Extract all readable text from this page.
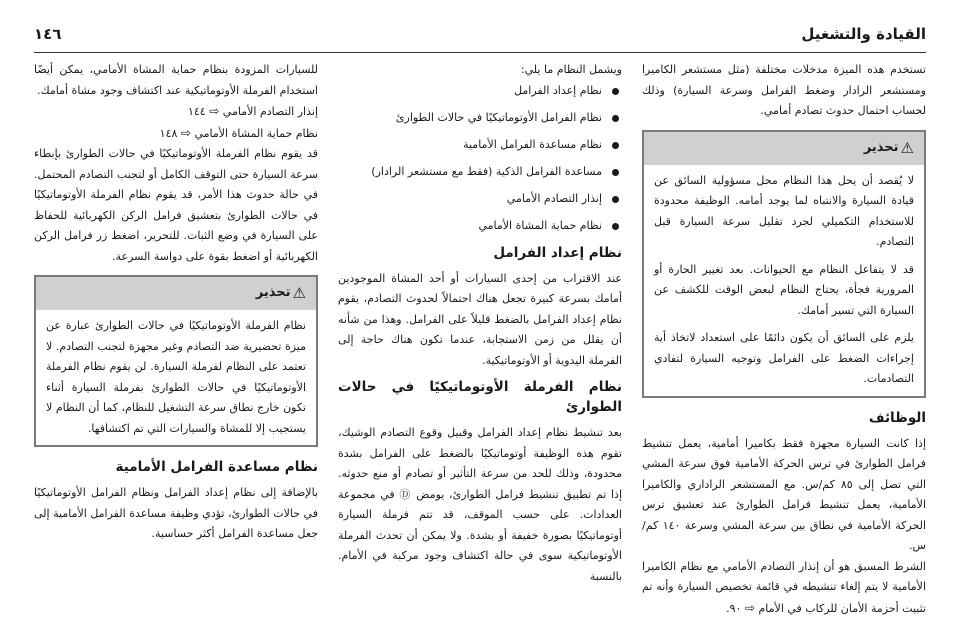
القيادة والتشغيل
١٤٦

تستخدم هذه الميزة مدخلات مختلفة (مثل مستشعر الكاميرا ومستشعر الرادار وضغط الفرامل وسرعة السيارة) وذلك لحساب احتمال حدوث تصادم أمامي.

⚠
تحذير

لا يُقصد أن يحل هذا النظام محل مسؤولية السائق عن قيادة السيارة والانتباه لما يوجد أمامه. الوظيفة محدودة للاستخدام التكميلي لجرد تقليل سرعة السيارة قبل التصادم.

قد لا يتفاعل النظام مع الحيوانات. بعد تغيير الحارة أو المرورية فجأة، يحتاج النظام لبعض الوقت للكشف عن السيارة التي تسير أمامك.

يلزم على السائق أن يكون دائمًا على استعداد لاتخاذ أية إجراءات الضغط على الفرامل وتوجيه السيارة لتفادي التصادمات.

الوظائف

إذا كانت السيارة مجهزة فقط بكاميرا أمامية، يعمل تنشيط فرامل الطوارئ في ترس الحركة الأمامية فوق سرعة المشي التي تصل إلى ٨٥ كم/س. مع المستشعر الراداري والكاميرا الأمامية، يعمل تنشيط فرامل الطوارئ عند تعشيق ترس الحركة الأمامية في نطاق بين سرعة المشي وسرعة ١٤٠ كم/س.

الشرط المسبق هو أن إنذار التصادم الأمامي مع نظام الكاميرا الأمامية لا يتم إلغاء تنشيطه في قائمة تخصيص السيارة وأنه تم تثبيت أحزمة الأمان للركاب في الأمام ⇨ ٩٠.

ويشمل النظام ما يلي:

نظام إعداد الفرامل
نظام الفرامل الأوتوماتيكيًا في حالات الطوارئ
نظام مساعدة الفرامل الأمامية
مساعدة الفرامل الذكية (فقط مع مستشعر الرادار)
إنذار التصادم الأمامي
نظام حماية المشاة الأمامي
نظام إعداد الفرامل

عند الاقتراب من إحدى السيارات أو أحد المشاة الموجودين أمامك بسرعة كبيرة تجعل هناك احتمالاً لحدوث التصادم، يقوم نظام إعداد الفرامل بالضغط قليلاً على الفرامل. وهذا من شأنه أن يقلل من زمن الاستجابة، عندما تكون هناك حاجة إلى الفرملة اليدوية أو الأوتوماتيكية.

نظام الفرملة الأوتوماتيكيًا في حالات الطوارئ

بعد تنشيط نظام إعداد الفرامل وقبيل وقوع التصادم الوشيك، تقوم هذه الوظيفة أوتوماتيكيًا بالضغط على الفرامل بشدة محدودة، وذلك للحد من سرعة التأثير أو تصادم أو منع حدوثه. إذا تم تطبيق تنشيط فرامل الطوارئ، يومض ‏Ⓓ في مجموعة العدادات. على حسب الموقف، قد تتم فرملة السيارة أوتوماتيكيًا بصورة خفيفة أو بشدة. ولا يمكن أن تحدث الفرملة الأوتوماتيكية سوى في حالة اكتشاف وجود مركبة في الأمام. بالنسبة

للسيارات المزودة بنظام حماية المشاة الأمامي، يمكن أيضًا استخدام الفرملة الأوتوماتيكية عند اكتشاف وجود مشاة أمامك.

إنذار التصادم الأمامي ⇨ ١٤٤
نظام حماية المشاة الأمامي ⇨ ١٤٨

قد يقوم نظام الفرملة الأوتوماتيكيًا في حالات الطوارئ بإبطاء سرعة السيارة حتى التوقف الكامل أو لتجنب التصادم المحتمل. في حالة حدوث هذا الأمر، قد يقوم نظام الفرملة الأوتوماتيكيًا في حالات الطوارئ بتعشيق فرامل الركن الكهربائية للحفاظ على السيارة في وضع الثبات. للتحرير، اضغط زر فرامل الركن الكهربائية أو اضغط بقوة على دواسة السرعة.

⚠
تحذير

نظام الفرملة الأوتوماتيكيًا في حالات الطوارئ عبارة عن ميزة تحضيرية ضد التصادم وغير مجهزة لتجنب التصادم. لا تعتمد على النظام لفرملة السيارة. لن يقوم نظام الفرملة الأوتوماتيكيًا في حالات الطوارئ بفرملة السيارة أثناء تكون خارج نطاق سرعة التشغيل للنظام، كما أن النظام لا يستجيب إلا للمشاة والسيارات التي تم اكتشافها.

نظام مساعدة الفرامل الأمامية

بالإضافة إلى نظام إعداد الفرامل ونظام الفرامل الأوتوماتيكيًا في حالات الطوارئ، تؤدي وظيفة مساعدة الفرامل الأمامية إلى جعل مساعدة الفرامل أكثر حساسية.
